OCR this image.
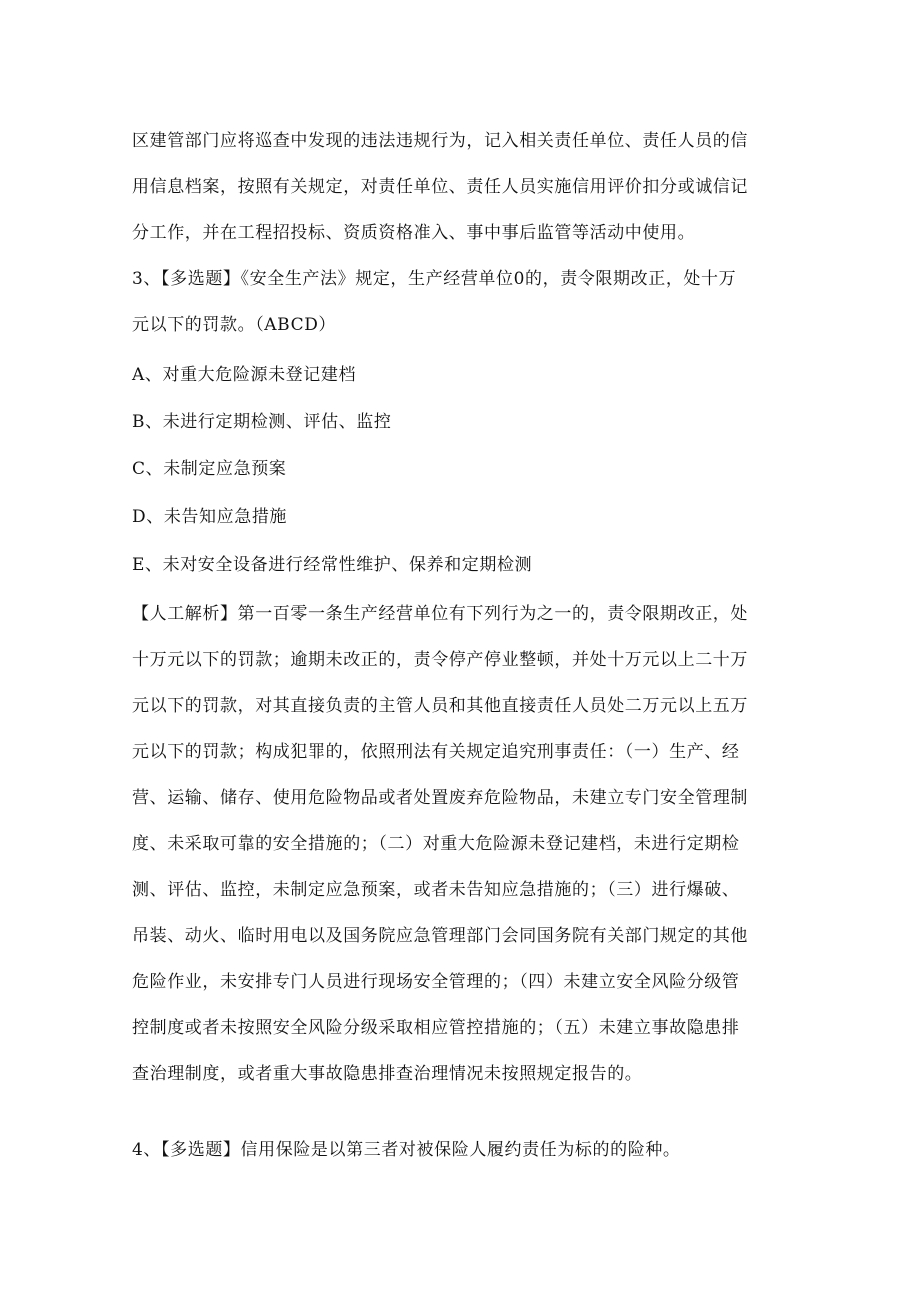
区建管部门应将巡查中发现的违法违规行为，记入相关责任单位、责任人员的信
用信息档案，按照有关规定，对责任单位、责任人员实施信用评价扣分或诚信记
分工作，并在工程招投标、资质资格准入、事中事后监管等活动中使用。
3、【多选题】《安全生产法》规定，生产经营单位0的，责令限期改正，处十万
元以下的罚款。（ABCD）
A、对重大危险源未登记建档
B、未进行定期检测、评估、监控
C、未制定应急预案
D、未告知应急措施
E、未对安全设备进行经常性维护、保养和定期检测
【人工解析】第一百零一条生产经营单位有下列行为之一的，责令限期改正，处
十万元以下的罚款；逾期未改正的，责令停产停业整顿，并处十万元以上二十万
元以下的罚款，对其直接负责的主管人员和其他直接责任人员处二万元以上五万
元以下的罚款；构成犯罪的，依照刑法有关规定追究刑事责任：（一）生产、经
营、运输、储存、使用危险物品或者处置废弃危险物品，未建立专门安全管理制
度、未采取可靠的安全措施的；（二）对重大危险源未登记建档，未进行定期检
测、评估、监控，未制定应急预案，或者未告知应急措施的；（三）进行爆破、
吊装、动火、临时用电以及国务院应急管理部门会同国务院有关部门规定的其他
危险作业，未安排专门人员进行现场安全管理的；（四）未建立安全风险分级管
控制度或者未按照安全风险分级采取相应管控措施的；（五）未建立事故隐患排
查治理制度，或者重大事故隐患排查治理情况未按照规定报告的。
4、【多选题】信用保险是以第三者对被保险人履约责任为标的的险种。
